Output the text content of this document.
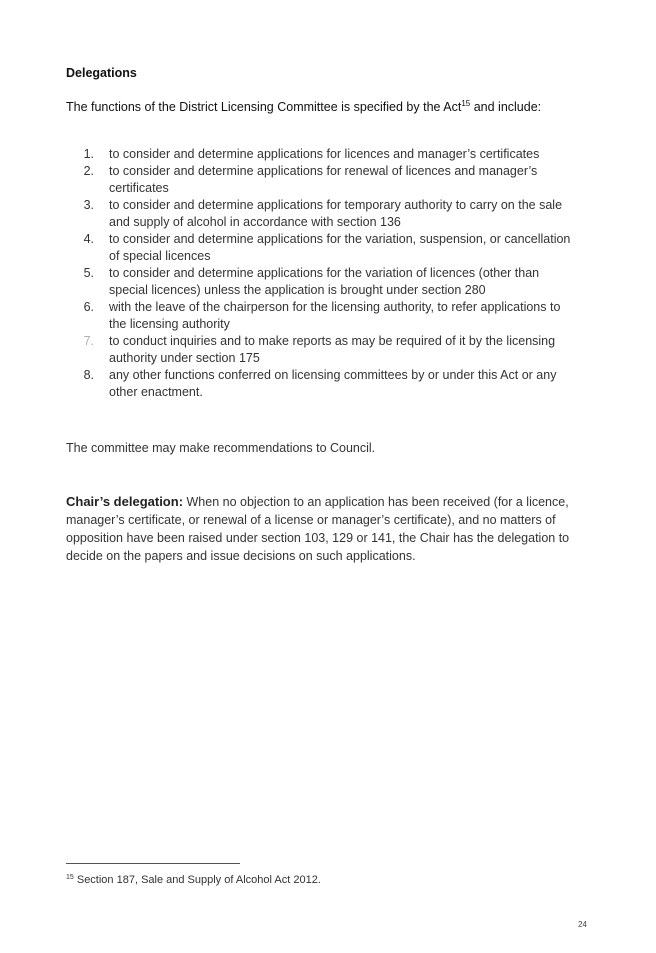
Delegations
The functions of the District Licensing Committee is specified by the Act$^{15}$ and include:
1. to consider and determine applications for licences and manager’s certificates
2. to consider and determine applications for renewal of licences and manager’s certificates
3. to consider and determine applications for temporary authority to carry on the sale and supply of alcohol in accordance with section 136
4. to consider and determine applications for the variation, suspension, or cancellation of special licences
5. to consider and determine applications for the variation of licences (other than special licences) unless the application is brought under section 280
6. with the leave of the chairperson for the licensing authority, to refer applications to the licensing authority
7. to conduct inquiries and to make reports as may be required of it by the licensing authority under section 175
8. any other functions conferred on licensing committees by or under this Act or any other enactment.
The committee may make recommendations to Council.
Chair’s delegation: When no objection to an application has been received (for a licence, manager’s certificate, or renewal of a license or manager’s certificate), and no matters of opposition have been raised under section 103, 129 or 141, the Chair has the delegation to decide on the papers and issue decisions on such applications.
$^{15}$ Section 187, Sale and Supply of Alcohol Act 2012.
24
